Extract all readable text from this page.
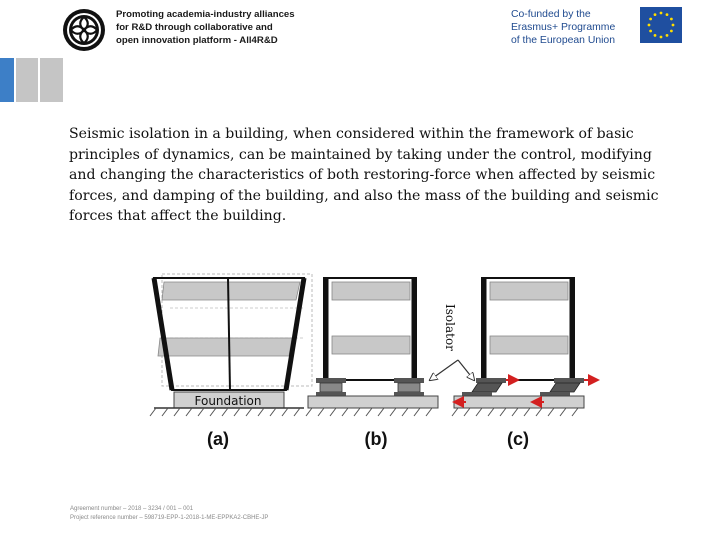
Promoting academia-industry alliances
for R&D through collaborative and
open innovation platform - All4R&D
Co-funded by the
Erasmus+ Programme
of the European Union
Seismic isolation in a building, when considered within the framework of basic principles of dynamics, can be maintained by taking under the control, modifying and changing the characteristics of both restoring-force when affected by seismic forces, and damping of the building, and also the mass of the building and seismic forces that affect the building.
Foundation
(a)	(b)
Isolator
(c)
Agreement number – 2018 – 3234 / 001 – 001
Project reference number – 598719-EPP-1-2018-1-ME-EPPKA2-CBHE-JP
